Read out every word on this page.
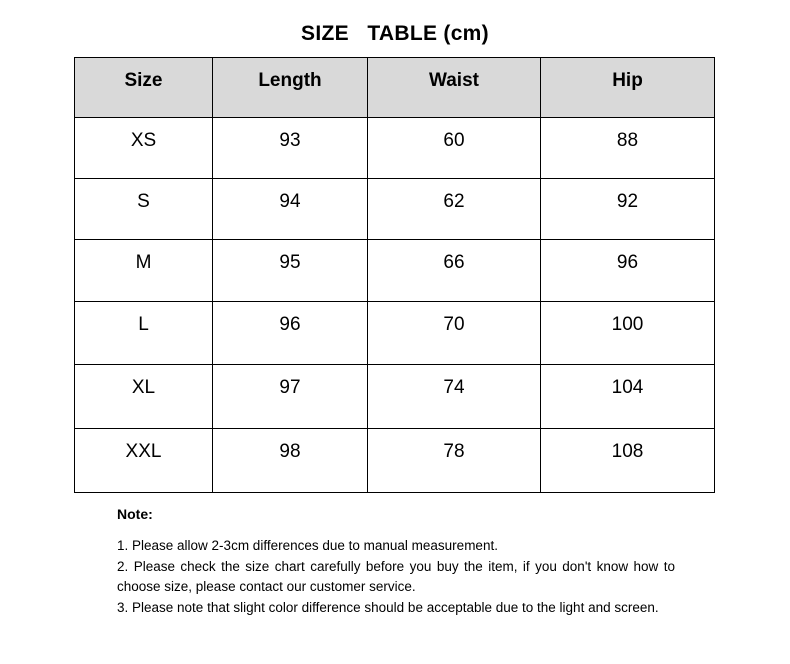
SIZE   TABLE (cm)
Size	Length	Waist	Hip
XS	93	60	88
S	94	62	92
M	95	66	96
L	96	70	100
XL	97	74	104
XXL	98	78	108
Note:
1. Please allow 2-3cm differences due to manual measurement.
2. Please check the size chart carefully before you buy the item, if you don't know how to choose size, please contact our customer service.
3. Please note that slight color difference should be acceptable due to the light and screen.
